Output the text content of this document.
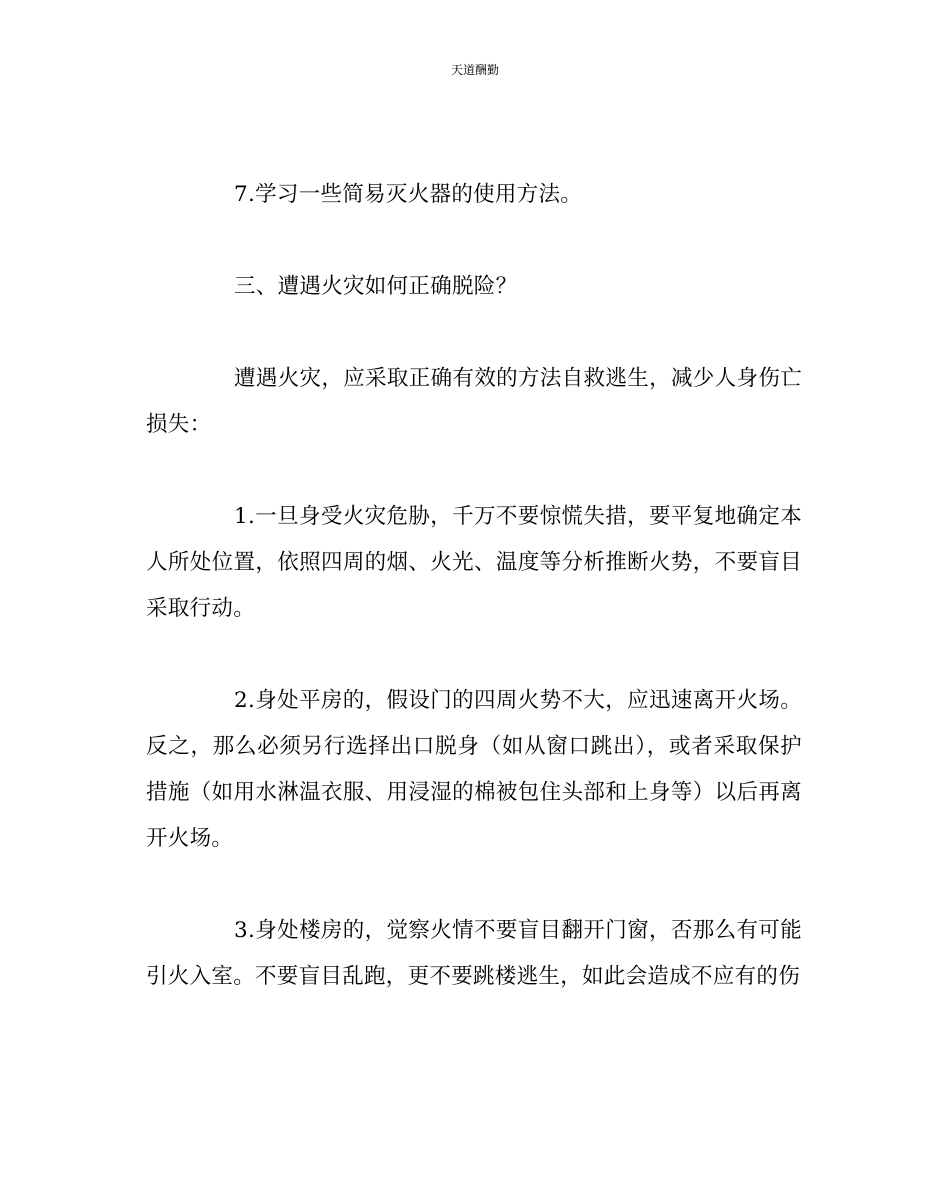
天道酬勤

7.学习一些简易灭火器的使用方法。

三、遭遇火灾如何正确脱险？

遭遇火灾，应采取正确有效的方法自救逃生，减少人身伤亡损失：

1.一旦身受火灾危胁，千万不要惊慌失措，要平复地确定本人所处位置，依照四周的烟、火光、温度等分析推断火势，不要盲目采取行动。

2.身处平房的，假设门的四周火势不大，应迅速离开火场。反之，那么必须另行选择出口脱身（如从窗口跳出），或者采取保护措施（如用水淋温衣服、用浸湿的棉被包住头部和上身等）以后再离开火场。

3.身处楼房的，觉察火情不要盲目翻开门窗，否那么有可能引火入室。不要盲目乱跑，更不要跳楼逃生，如此会造成不应有的伤
